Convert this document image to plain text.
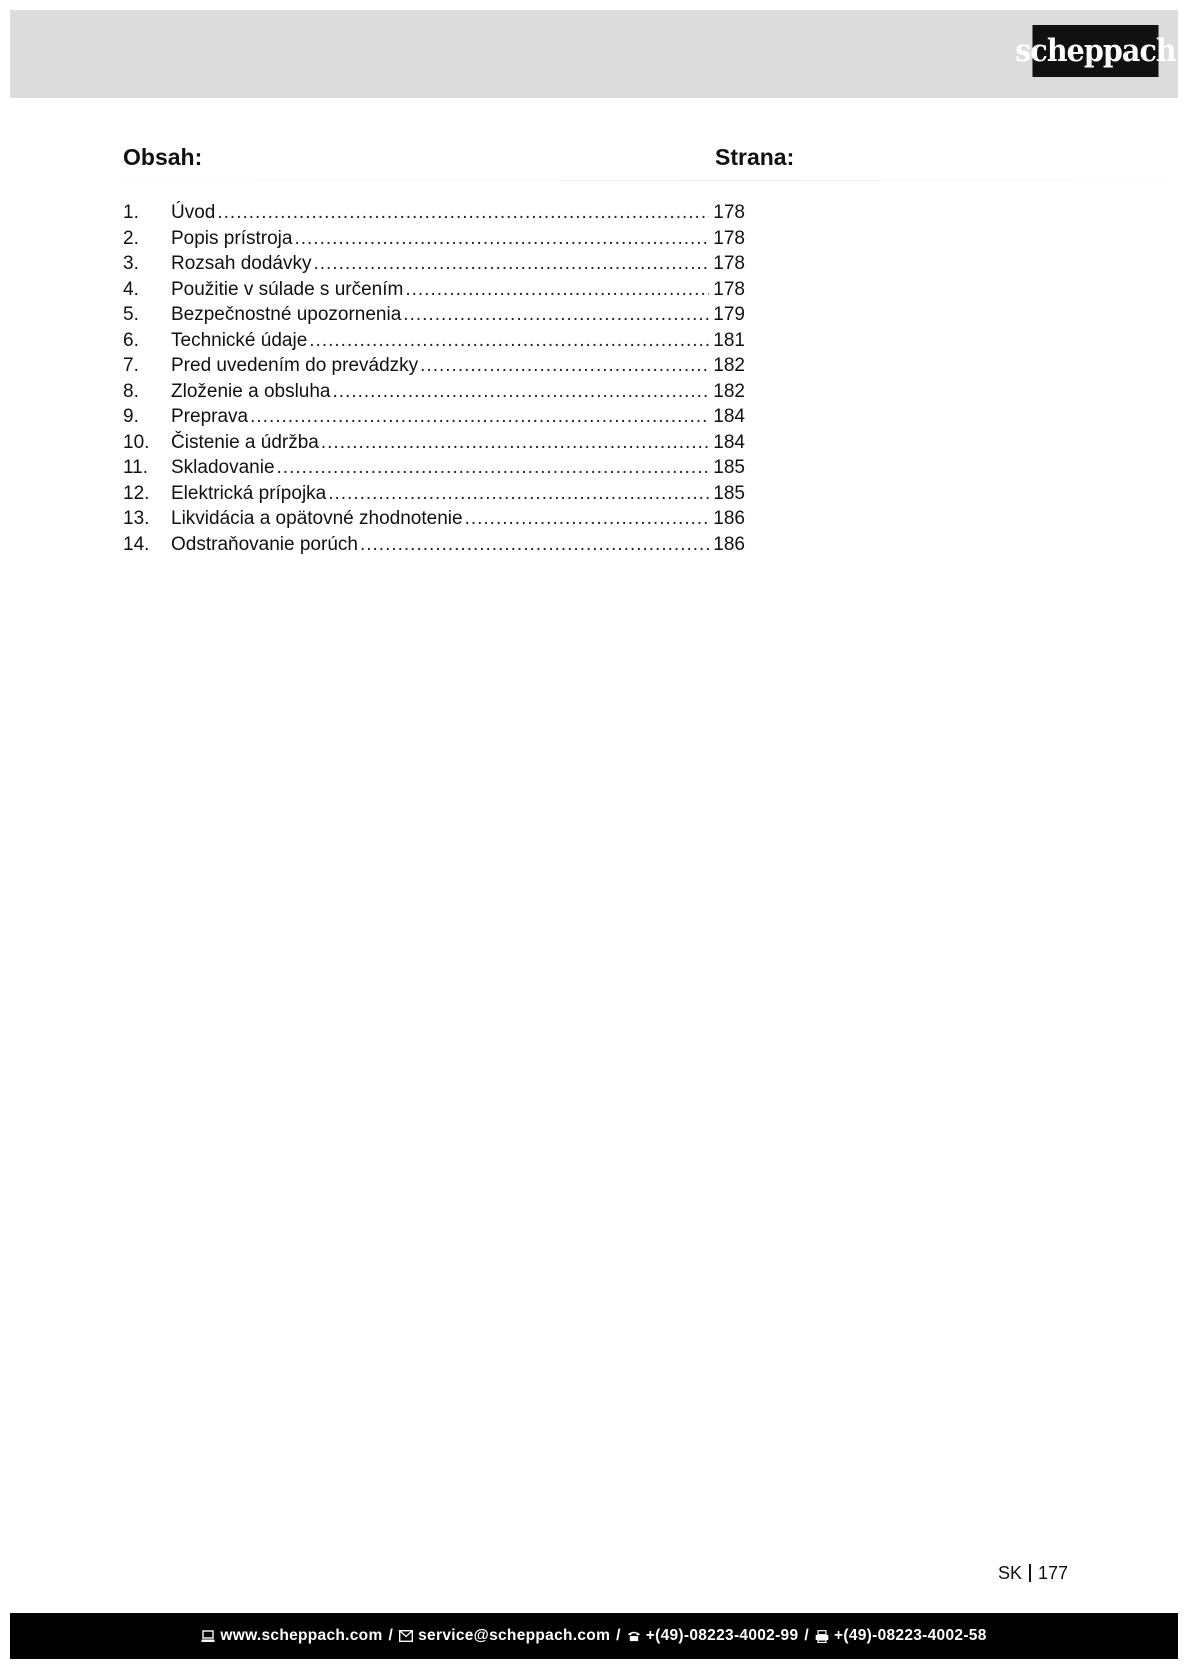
scheppach
Obsah:	Strana:
1.	Úvod .....	178
2.	Popis prístroja .....	178
3.	Rozsah dodávky .....	178
4.	Použitie v súlade s určením .....	178
5.	Bezpečnostné upozornenia .....	179
6.	Technické údaje .....	181
7.	Pred uvedením do prevádzky .....	182
8.	Zloženie a obsluha .....	182
9.	Preprava .....	184
10.	Čistenie a údržba .....	184
11.	Skladovanie .....	185
12.	Elektrická prípojka .....	185
13.	Likvidácia a opätovné zhodnotenie .....	186
14.	Odstraňovanie porúch .....	186
SK 177
www.scheppach.com / service@scheppach.com / +(49)-08223-4002-99 / +(49)-08223-4002-58
